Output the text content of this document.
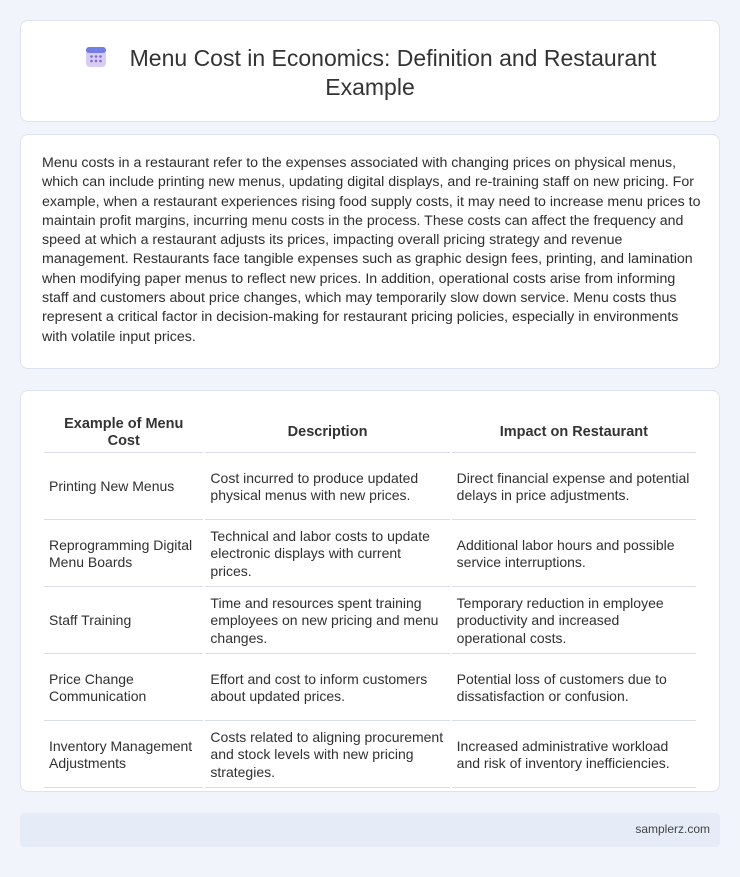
Menu Cost in Economics: Definition and Restaurant Example

Menu costs in a restaurant refer to the expenses associated with changing prices on physical menus, which can include printing new menus, updating digital displays, and re-training staff on new pricing. For example, when a restaurant experiences rising food supply costs, it may need to increase menu prices to maintain profit margins, incurring menu costs in the process. These costs can affect the frequency and speed at which a restaurant adjusts its prices, impacting overall pricing strategy and revenue management. Restaurants face tangible expenses such as graphic design fees, printing, and lamination when modifying paper menus to reflect new prices. In addition, operational costs arise from informing staff and customers about price changes, which may temporarily slow down service. Menu costs thus represent a critical factor in decision-making for restaurant pricing policies, especially in environments with volatile input prices.

Example of Menu Cost	Description	Impact on Restaurant
Printing New Menus	Cost incurred to produce updated physical menus with new prices.	Direct financial expense and potential delays in price adjustments.
Reprogramming Digital Menu Boards	Technical and labor costs to update electronic displays with current prices.	Additional labor hours and possible service interruptions.
Staff Training	Time and resources spent training employees on new pricing and menu changes.	Temporary reduction in employee productivity and increased operational costs.
Price Change Communication	Effort and cost to inform customers about updated prices.	Potential loss of customers due to dissatisfaction or confusion.
Inventory Management Adjustments	Costs related to aligning procurement and stock levels with new pricing strategies.	Increased administrative workload and risk of inventory inefficiencies.
samplerz.com
